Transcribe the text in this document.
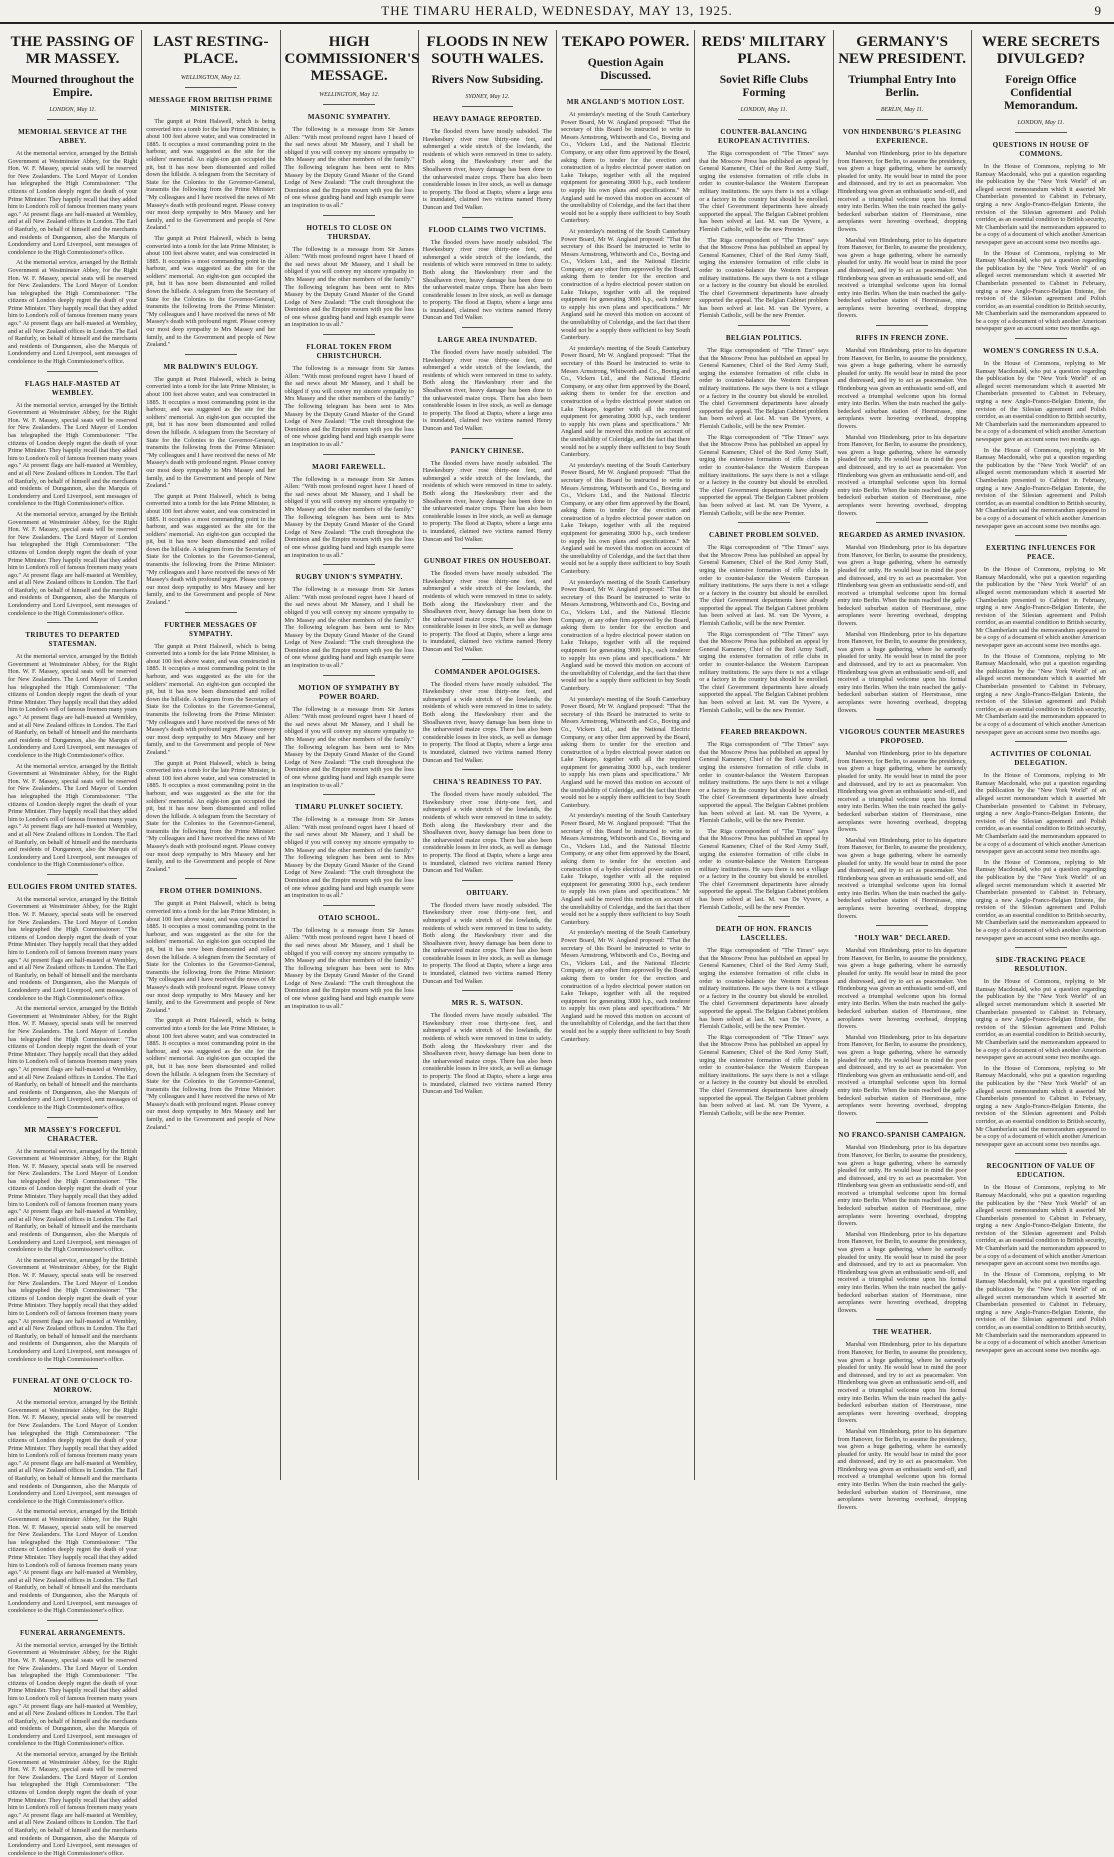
THE TIMARU HERALD, WEDNESDAY, MAY 13, 1925.	9
THE PASSING OF MR MASSEY.
Mourned throughout the Empire.
LONDON, May 11.
MEMORIAL SERVICE AT THE ABBEY.

At the memorial service, arranged by the British Government at Westminster Abbey, for the Right Hon. W. F. Massey, special seats will be reserved for New Zealanders. The Lord Mayor of London has telegraphed the High Commissioner: "The citizens of London deeply regret the death of your Prime Minister. They happily recall that they added him to London's roll of famous freemen many years ago." At present flags are half-masted at Wembley, and at all New Zealand offices in London. The Earl of Ranfurly, on behalf of himself and the merchants and residents of Dungannon, also the Marquis of Londonderry and Lord Liverpool, sent messages of condolence to the High Commissioner's office.

At the memorial service, arranged by the British Government at Westminster Abbey, for the Right Hon. W. F. Massey, special seats will be reserved for New Zealanders. The Lord Mayor of London has telegraphed the High Commissioner: "The citizens of London deeply regret the death of your Prime Minister. They happily recall that they added him to London's roll of famous freemen many years ago." At present flags are half-masted at Wembley, and at all New Zealand offices in London. The Earl of Ranfurly, on behalf of himself and the merchants and residents of Dungannon, also the Marquis of Londonderry and Lord Liverpool, sent messages of condolence to the High Commissioner's office.

FLAGS HALF-MASTED AT WEMBLEY.

At the memorial service, arranged by the British Government at Westminster Abbey, for the Right Hon. W. F. Massey, special seats will be reserved for New Zealanders. The Lord Mayor of London has telegraphed the High Commissioner: "The citizens of London deeply regret the death of your Prime Minister. They happily recall that they added him to London's roll of famous freemen many years ago." At present flags are half-masted at Wembley, and at all New Zealand offices in London. The Earl of Ranfurly, on behalf of himself and the merchants and residents of Dungannon, also the Marquis of Londonderry and Lord Liverpool, sent messages of condolence to the High Commissioner's office.

At the memorial service, arranged by the British Government at Westminster Abbey, for the Right Hon. W. F. Massey, special seats will be reserved for New Zealanders. The Lord Mayor of London has telegraphed the High Commissioner: "The citizens of London deeply regret the death of your Prime Minister. They happily recall that they added him to London's roll of famous freemen many years ago." At present flags are half-masted at Wembley, and at all New Zealand offices in London. The Earl of Ranfurly, on behalf of himself and the merchants and residents of Dungannon, also the Marquis of Londonderry and Lord Liverpool, sent messages of condolence to the High Commissioner's office.

TRIBUTES TO DEPARTED STATESMAN.

At the memorial service, arranged by the British Government at Westminster Abbey, for the Right Hon. W. F. Massey, special seats will be reserved for New Zealanders. The Lord Mayor of London has telegraphed the High Commissioner: "The citizens of London deeply regret the death of your Prime Minister. They happily recall that they added him to London's roll of famous freemen many years ago." At present flags are half-masted at Wembley, and at all New Zealand offices in London. The Earl of Ranfurly, on behalf of himself and the merchants and residents of Dungannon, also the Marquis of Londonderry and Lord Liverpool, sent messages of condolence to the High Commissioner's office.

At the memorial service, arranged by the British Government at Westminster Abbey, for the Right Hon. W. F. Massey, special seats will be reserved for New Zealanders. The Lord Mayor of London has telegraphed the High Commissioner: "The citizens of London deeply regret the death of your Prime Minister. They happily recall that they added him to London's roll of famous freemen many years ago." At present flags are half-masted at Wembley, and at all New Zealand offices in London. The Earl of Ranfurly, on behalf of himself and the merchants and residents of Dungannon, also the Marquis of Londonderry and Lord Liverpool, sent messages of condolence to the High Commissioner's office.

EULOGIES FROM UNITED STATES.

At the memorial service, arranged by the British Government at Westminster Abbey, for the Right Hon. W. F. Massey, special seats will be reserved for New Zealanders. The Lord Mayor of London has telegraphed the High Commissioner: "The citizens of London deeply regret the death of your Prime Minister. They happily recall that they added him to London's roll of famous freemen many years ago." At present flags are half-masted at Wembley, and at all New Zealand offices in London. The Earl of Ranfurly, on behalf of himself and the merchants and residents of Dungannon, also the Marquis of Londonderry and Lord Liverpool, sent messages of condolence to the High Commissioner's office.

At the memorial service, arranged by the British Government at Westminster Abbey, for the Right Hon. W. F. Massey, special seats will be reserved for New Zealanders. The Lord Mayor of London has telegraphed the High Commissioner: "The citizens of London deeply regret the death of your Prime Minister. They happily recall that they added him to London's roll of famous freemen many years ago." At present flags are half-masted at Wembley, and at all New Zealand offices in London. The Earl of Ranfurly, on behalf of himself and the merchants and residents of Dungannon, also the Marquis of Londonderry and Lord Liverpool, sent messages of condolence to the High Commissioner's office.

MR MASSEY'S FORCEFUL CHARACTER.

At the memorial service, arranged by the British Government at Westminster Abbey, for the Right Hon. W. F. Massey, special seats will be reserved for New Zealanders. The Lord Mayor of London has telegraphed the High Commissioner: "The citizens of London deeply regret the death of your Prime Minister. They happily recall that they added him to London's roll of famous freemen many years ago." At present flags are half-masted at Wembley, and at all New Zealand offices in London. The Earl of Ranfurly, on behalf of himself and the merchants and residents of Dungannon, also the Marquis of Londonderry and Lord Liverpool, sent messages of condolence to the High Commissioner's office.

At the memorial service, arranged by the British Government at Westminster Abbey, for the Right Hon. W. F. Massey, special seats will be reserved for New Zealanders. The Lord Mayor of London has telegraphed the High Commissioner: "The citizens of London deeply regret the death of your Prime Minister. They happily recall that they added him to London's roll of famous freemen many years ago." At present flags are half-masted at Wembley, and at all New Zealand offices in London. The Earl of Ranfurly, on behalf of himself and the merchants and residents of Dungannon, also the Marquis of Londonderry and Lord Liverpool, sent messages of condolence to the High Commissioner's office.

FUNERAL AT ONE O'CLOCK TO-MORROW.

At the memorial service, arranged by the British Government at Westminster Abbey, for the Right Hon. W. F. Massey, special seats will be reserved for New Zealanders. The Lord Mayor of London has telegraphed the High Commissioner: "The citizens of London deeply regret the death of your Prime Minister. They happily recall that they added him to London's roll of famous freemen many years ago." At present flags are half-masted at Wembley, and at all New Zealand offices in London. The Earl of Ranfurly, on behalf of himself and the merchants and residents of Dungannon, also the Marquis of Londonderry and Lord Liverpool, sent messages of condolence to the High Commissioner's office.

At the memorial service, arranged by the British Government at Westminster Abbey, for the Right Hon. W. F. Massey, special seats will be reserved for New Zealanders. The Lord Mayor of London has telegraphed the High Commissioner: "The citizens of London deeply regret the death of your Prime Minister. They happily recall that they added him to London's roll of famous freemen many years ago." At present flags are half-masted at Wembley, and at all New Zealand offices in London. The Earl of Ranfurly, on behalf of himself and the merchants and residents of Dungannon, also the Marquis of Londonderry and Lord Liverpool, sent messages of condolence to the High Commissioner's office.

FUNERAL ARRANGEMENTS.

At the memorial service, arranged by the British Government at Westminster Abbey, for the Right Hon. W. F. Massey, special seats will be reserved for New Zealanders. The Lord Mayor of London has telegraphed the High Commissioner: "The citizens of London deeply regret the death of your Prime Minister. They happily recall that they added him to London's roll of famous freemen many years ago." At present flags are half-masted at Wembley, and at all New Zealand offices in London. The Earl of Ranfurly, on behalf of himself and the merchants and residents of Dungannon, also the Marquis of Londonderry and Lord Liverpool, sent messages of condolence to the High Commissioner's office.

At the memorial service, arranged by the British Government at Westminster Abbey, for the Right Hon. W. F. Massey, special seats will be reserved for New Zealanders. The Lord Mayor of London has telegraphed the High Commissioner: "The citizens of London deeply regret the death of your Prime Minister. They happily recall that they added him to London's roll of famous freemen many years ago." At present flags are half-masted at Wembley, and at all New Zealand offices in London. The Earl of Ranfurly, on behalf of himself and the merchants and residents of Dungannon, also the Marquis of Londonderry and Lord Liverpool, sent messages of condolence to the High Commissioner's office.

LAST RESTING-PLACE.
WELLINGTON, May 12.
MESSAGE FROM BRITISH PRIME MINISTER.

The gunpit at Point Halswell, which is being converted into a tomb for the late Prime Minister, is about 100 feet above water, and was constructed in 1885. It occupies a most commanding point in the harbour, and was suggested as the site for the soldiers' memorial. An eight-ton gun occupied the pit, but it has now been dismounted and rolled down the hillside. A telegram from the Secretary of State for the Colonies to the Governor-General, transmits the following from the Prime Minister: "My colleagues and I have received the news of Mr Massey's death with profound regret. Please convey our most deep sympathy to Mrs Massey and her family, and to the Government and people of New Zealand."

The gunpit at Point Halswell, which is being converted into a tomb for the late Prime Minister, is about 100 feet above water, and was constructed in 1885. It occupies a most commanding point in the harbour, and was suggested as the site for the soldiers' memorial. An eight-ton gun occupied the pit, but it has now been dismounted and rolled down the hillside. A telegram from the Secretary of State for the Colonies to the Governor-General, transmits the following from the Prime Minister: "My colleagues and I have received the news of Mr Massey's death with profound regret. Please convey our most deep sympathy to Mrs Massey and her family, and to the Government and people of New Zealand."

MR BALDWIN'S EULOGY.

The gunpit at Point Halswell, which is being converted into a tomb for the late Prime Minister, is about 100 feet above water, and was constructed in 1885. It occupies a most commanding point in the harbour, and was suggested as the site for the soldiers' memorial. An eight-ton gun occupied the pit, but it has now been dismounted and rolled down the hillside. A telegram from the Secretary of State for the Colonies to the Governor-General, transmits the following from the Prime Minister: "My colleagues and I have received the news of Mr Massey's death with profound regret. Please convey our most deep sympathy to Mrs Massey and her family, and to the Government and people of New Zealand."

The gunpit at Point Halswell, which is being converted into a tomb for the late Prime Minister, is about 100 feet above water, and was constructed in 1885. It occupies a most commanding point in the harbour, and was suggested as the site for the soldiers' memorial. An eight-ton gun occupied the pit, but it has now been dismounted and rolled down the hillside. A telegram from the Secretary of State for the Colonies to the Governor-General, transmits the following from the Prime Minister: "My colleagues and I have received the news of Mr Massey's death with profound regret. Please convey our most deep sympathy to Mrs Massey and her family, and to the Government and people of New Zealand."

FURTHER MESSAGES OF SYMPATHY.

The gunpit at Point Halswell, which is being converted into a tomb for the late Prime Minister, is about 100 feet above water, and was constructed in 1885. It occupies a most commanding point in the harbour, and was suggested as the site for the soldiers' memorial. An eight-ton gun occupied the pit, but it has now been dismounted and rolled down the hillside. A telegram from the Secretary of State for the Colonies to the Governor-General, transmits the following from the Prime Minister: "My colleagues and I have received the news of Mr Massey's death with profound regret. Please convey our most deep sympathy to Mrs Massey and her family, and to the Government and people of New Zealand."

The gunpit at Point Halswell, which is being converted into a tomb for the late Prime Minister, is about 100 feet above water, and was constructed in 1885. It occupies a most commanding point in the harbour, and was suggested as the site for the soldiers' memorial. An eight-ton gun occupied the pit, but it has now been dismounted and rolled down the hillside. A telegram from the Secretary of State for the Colonies to the Governor-General, transmits the following from the Prime Minister: "My colleagues and I have received the news of Mr Massey's death with profound regret. Please convey our most deep sympathy to Mrs Massey and her family, and to the Government and people of New Zealand."

FROM OTHER DOMINIONS.

The gunpit at Point Halswell, which is being converted into a tomb for the late Prime Minister, is about 100 feet above water, and was constructed in 1885. It occupies a most commanding point in the harbour, and was suggested as the site for the soldiers' memorial. An eight-ton gun occupied the pit, but it has now been dismounted and rolled down the hillside. A telegram from the Secretary of State for the Colonies to the Governor-General, transmits the following from the Prime Minister: "My colleagues and I have received the news of Mr Massey's death with profound regret. Please convey our most deep sympathy to Mrs Massey and her family, and to the Government and people of New Zealand."

The gunpit at Point Halswell, which is being converted into a tomb for the late Prime Minister, is about 100 feet above water, and was constructed in 1885. It occupies a most commanding point in the harbour, and was suggested as the site for the soldiers' memorial. An eight-ton gun occupied the pit, but it has now been dismounted and rolled down the hillside. A telegram from the Secretary of State for the Colonies to the Governor-General, transmits the following from the Prime Minister: "My colleagues and I have received the news of Mr Massey's death with profound regret. Please convey our most deep sympathy to Mrs Massey and her family, and to the Government and people of New Zealand."

HIGH COMMISSIONER'S MESSAGE.
WELLINGTON, May 12.
MASONIC SYMPATHY.

The following is a message from Sir James Allen: "With most profound regret have I heard of the sad news about Mr Massey, and I shall be obliged if you will convey my sincere sympathy to Mrs Massey and the other members of the family." The following telegram has been sent to Mrs Massey by the Deputy Grand Master of the Grand Lodge of New Zealand: "The craft throughout the Dominion and the Empire mourn with you the loss of one whose guiding hand and high example were an inspiration to us all."

HOTELS TO CLOSE ON THURSDAY.

The following is a message from Sir James Allen: "With most profound regret have I heard of the sad news about Mr Massey, and I shall be obliged if you will convey my sincere sympathy to Mrs Massey and the other members of the family." The following telegram has been sent to Mrs Massey by the Deputy Grand Master of the Grand Lodge of New Zealand: "The craft throughout the Dominion and the Empire mourn with you the loss of one whose guiding hand and high example were an inspiration to us all."

FLORAL TOKEN FROM CHRISTCHURCH.

The following is a message from Sir James Allen: "With most profound regret have I heard of the sad news about Mr Massey, and I shall be obliged if you will convey my sincere sympathy to Mrs Massey and the other members of the family." The following telegram has been sent to Mrs Massey by the Deputy Grand Master of the Grand Lodge of New Zealand: "The craft throughout the Dominion and the Empire mourn with you the loss of one whose guiding hand and high example were an inspiration to us all."

MAORI FAREWELL.

The following is a message from Sir James Allen: "With most profound regret have I heard of the sad news about Mr Massey, and I shall be obliged if you will convey my sincere sympathy to Mrs Massey and the other members of the family." The following telegram has been sent to Mrs Massey by the Deputy Grand Master of the Grand Lodge of New Zealand: "The craft throughout the Dominion and the Empire mourn with you the loss of one whose guiding hand and high example were an inspiration to us all."

RUGBY UNION'S SYMPATHY.

The following is a message from Sir James Allen: "With most profound regret have I heard of the sad news about Mr Massey, and I shall be obliged if you will convey my sincere sympathy to Mrs Massey and the other members of the family." The following telegram has been sent to Mrs Massey by the Deputy Grand Master of the Grand Lodge of New Zealand: "The craft throughout the Dominion and the Empire mourn with you the loss of one whose guiding hand and high example were an inspiration to us all."

MOTION OF SYMPATHY BY POWER BOARD.

The following is a message from Sir James Allen: "With most profound regret have I heard of the sad news about Mr Massey, and I shall be obliged if you will convey my sincere sympathy to Mrs Massey and the other members of the family." The following telegram has been sent to Mrs Massey by the Deputy Grand Master of the Grand Lodge of New Zealand: "The craft throughout the Dominion and the Empire mourn with you the loss of one whose guiding hand and high example were an inspiration to us all."

TIMARU PLUNKET SOCIETY.

The following is a message from Sir James Allen: "With most profound regret have I heard of the sad news about Mr Massey, and I shall be obliged if you will convey my sincere sympathy to Mrs Massey and the other members of the family." The following telegram has been sent to Mrs Massey by the Deputy Grand Master of the Grand Lodge of New Zealand: "The craft throughout the Dominion and the Empire mourn with you the loss of one whose guiding hand and high example were an inspiration to us all."

OTAIO SCHOOL.

The following is a message from Sir James Allen: "With most profound regret have I heard of the sad news about Mr Massey, and I shall be obliged if you will convey my sincere sympathy to Mrs Massey and the other members of the family." The following telegram has been sent to Mrs Massey by the Deputy Grand Master of the Grand Lodge of New Zealand: "The craft throughout the Dominion and the Empire mourn with you the loss of one whose guiding hand and high example were an inspiration to us all."

FLOODS IN NEW SOUTH WALES.
Rivers Now Subsiding.
SYDNEY, May 12.
HEAVY DAMAGE REPORTED.

The flooded rivers have mostly subsided. The Hawkesbury river rose thirty-one feet, and submerged a wide stretch of the lowlands, the residents of which were removed in time to safety. Both along the Hawkesbury river and the Shoalhaven river, heavy damage has been done to the unharvested maize crops. There has also been considerable losses in live stock, as well as damage to property. The flood at Dapto, where a large area is inundated, claimed two victims named Henry Duncan and Ted Walker.

FLOOD CLAIMS TWO VICTIMS.

The flooded rivers have mostly subsided. The Hawkesbury river rose thirty-one feet, and submerged a wide stretch of the lowlands, the residents of which were removed in time to safety. Both along the Hawkesbury river and the Shoalhaven river, heavy damage has been done to the unharvested maize crops. There has also been considerable losses in live stock, as well as damage to property. The flood at Dapto, where a large area is inundated, claimed two victims named Henry Duncan and Ted Walker.

LARGE AREA INUNDATED.

The flooded rivers have mostly subsided. The Hawkesbury river rose thirty-one feet, and submerged a wide stretch of the lowlands, the residents of which were removed in time to safety. Both along the Hawkesbury river and the Shoalhaven river, heavy damage has been done to the unharvested maize crops. There has also been considerable losses in live stock, as well as damage to property. The flood at Dapto, where a large area is inundated, claimed two victims named Henry Duncan and Ted Walker.

PANICKY CHINESE.

The flooded rivers have mostly subsided. The Hawkesbury river rose thirty-one feet, and submerged a wide stretch of the lowlands, the residents of which were removed in time to safety. Both along the Hawkesbury river and the Shoalhaven river, heavy damage has been done to the unharvested maize crops. There has also been considerable losses in live stock, as well as damage to property. The flood at Dapto, where a large area is inundated, claimed two victims named Henry Duncan and Ted Walker.

GUNBOAT FIRES ON HOUSEBOAT.

The flooded rivers have mostly subsided. The Hawkesbury river rose thirty-one feet, and submerged a wide stretch of the lowlands, the residents of which were removed in time to safety. Both along the Hawkesbury river and the Shoalhaven river, heavy damage has been done to the unharvested maize crops. There has also been considerable losses in live stock, as well as damage to property. The flood at Dapto, where a large area is inundated, claimed two victims named Henry Duncan and Ted Walker.

COMMANDER APOLOGISES.

The flooded rivers have mostly subsided. The Hawkesbury river rose thirty-one feet, and submerged a wide stretch of the lowlands, the residents of which were removed in time to safety. Both along the Hawkesbury river and the Shoalhaven river, heavy damage has been done to the unharvested maize crops. There has also been considerable losses in live stock, as well as damage to property. The flood at Dapto, where a large area is inundated, claimed two victims named Henry Duncan and Ted Walker.

CHINA'S READINESS TO PAY.

The flooded rivers have mostly subsided. The Hawkesbury river rose thirty-one feet, and submerged a wide stretch of the lowlands, the residents of which were removed in time to safety. Both along the Hawkesbury river and the Shoalhaven river, heavy damage has been done to the unharvested maize crops. There has also been considerable losses in live stock, as well as damage to property. The flood at Dapto, where a large area is inundated, claimed two victims named Henry Duncan and Ted Walker.

OBITUARY.

The flooded rivers have mostly subsided. The Hawkesbury river rose thirty-one feet, and submerged a wide stretch of the lowlands, the residents of which were removed in time to safety. Both along the Hawkesbury river and the Shoalhaven river, heavy damage has been done to the unharvested maize crops. There has also been considerable losses in live stock, as well as damage to property. The flood at Dapto, where a large area is inundated, claimed two victims named Henry Duncan and Ted Walker.

MRS R. S. WATSON.

The flooded rivers have mostly subsided. The Hawkesbury river rose thirty-one feet, and submerged a wide stretch of the lowlands, the residents of which were removed in time to safety. Both along the Hawkesbury river and the Shoalhaven river, heavy damage has been done to the unharvested maize crops. There has also been considerable losses in live stock, as well as damage to property. The flood at Dapto, where a large area is inundated, claimed two victims named Henry Duncan and Ted Walker.

TEKAPO POWER.
Question Again Discussed.
MR ANGLAND'S MOTION LOST.

At yesterday's meeting of the South Canterbury Power Board, Mr W. Angland proposed: "That the secretary of this Board be instructed to write to Messrs Armstrong, Whitworth and Co., Boving and Co., Vickers Ltd., and the National Electric Company, or any other firm approved by the Board, asking them to tender for the erection and construction of a hydro electrical power station on Lake Tekapo, together with all the required equipment for generating 3000 h.p., each tenderer to supply his own plans and specifications." Mr Angland said he moved this motion on account of the unreliability of Coleridge, and the fact that there would not be a supply there sufficient to buy South Canterbury.

At yesterday's meeting of the South Canterbury Power Board, Mr W. Angland proposed: "That the secretary of this Board be instructed to write to Messrs Armstrong, Whitworth and Co., Boving and Co., Vickers Ltd., and the National Electric Company, or any other firm approved by the Board, asking them to tender for the erection and construction of a hydro electrical power station on Lake Tekapo, together with all the required equipment for generating 3000 h.p., each tenderer to supply his own plans and specifications." Mr Angland said he moved this motion on account of the unreliability of Coleridge, and the fact that there would not be a supply there sufficient to buy South Canterbury.

At yesterday's meeting of the South Canterbury Power Board, Mr W. Angland proposed: "That the secretary of this Board be instructed to write to Messrs Armstrong, Whitworth and Co., Boving and Co., Vickers Ltd., and the National Electric Company, or any other firm approved by the Board, asking them to tender for the erection and construction of a hydro electrical power station on Lake Tekapo, together with all the required equipment for generating 3000 h.p., each tenderer to supply his own plans and specifications." Mr Angland said he moved this motion on account of the unreliability of Coleridge, and the fact that there would not be a supply there sufficient to buy South Canterbury.

At yesterday's meeting of the South Canterbury Power Board, Mr W. Angland proposed: "That the secretary of this Board be instructed to write to Messrs Armstrong, Whitworth and Co., Boving and Co., Vickers Ltd., and the National Electric Company, or any other firm approved by the Board, asking them to tender for the erection and construction of a hydro electrical power station on Lake Tekapo, together with all the required equipment for generating 3000 h.p., each tenderer to supply his own plans and specifications." Mr Angland said he moved this motion on account of the unreliability of Coleridge, and the fact that there would not be a supply there sufficient to buy South Canterbury.

At yesterday's meeting of the South Canterbury Power Board, Mr W. Angland proposed: "That the secretary of this Board be instructed to write to Messrs Armstrong, Whitworth and Co., Boving and Co., Vickers Ltd., and the National Electric Company, or any other firm approved by the Board, asking them to tender for the erection and construction of a hydro electrical power station on Lake Tekapo, together with all the required equipment for generating 3000 h.p., each tenderer to supply his own plans and specifications." Mr Angland said he moved this motion on account of the unreliability of Coleridge, and the fact that there would not be a supply there sufficient to buy South Canterbury.

At yesterday's meeting of the South Canterbury Power Board, Mr W. Angland proposed: "That the secretary of this Board be instructed to write to Messrs Armstrong, Whitworth and Co., Boving and Co., Vickers Ltd., and the National Electric Company, or any other firm approved by the Board, asking them to tender for the erection and construction of a hydro electrical power station on Lake Tekapo, together with all the required equipment for generating 3000 h.p., each tenderer to supply his own plans and specifications." Mr Angland said he moved this motion on account of the unreliability of Coleridge, and the fact that there would not be a supply there sufficient to buy South Canterbury.

At yesterday's meeting of the South Canterbury Power Board, Mr W. Angland proposed: "That the secretary of this Board be instructed to write to Messrs Armstrong, Whitworth and Co., Boving and Co., Vickers Ltd., and the National Electric Company, or any other firm approved by the Board, asking them to tender for the erection and construction of a hydro electrical power station on Lake Tekapo, together with all the required equipment for generating 3000 h.p., each tenderer to supply his own plans and specifications." Mr Angland said he moved this motion on account of the unreliability of Coleridge, and the fact that there would not be a supply there sufficient to buy South Canterbury.

At yesterday's meeting of the South Canterbury Power Board, Mr W. Angland proposed: "That the secretary of this Board be instructed to write to Messrs Armstrong, Whitworth and Co., Boving and Co., Vickers Ltd., and the National Electric Company, or any other firm approved by the Board, asking them to tender for the erection and construction of a hydro electrical power station on Lake Tekapo, together with all the required equipment for generating 3000 h.p., each tenderer to supply his own plans and specifications." Mr Angland said he moved this motion on account of the unreliability of Coleridge, and the fact that there would not be a supply there sufficient to buy South Canterbury.

REDS' MILITARY PLANS.
Soviet Rifle Clubs Forming
LONDON, May 11.
COUNTER-BALANCING EUROPEAN ACTIVITIES.

The Riga correspondent of "The Times" says that the Moscow Press has published an appeal by General Kamenev, Chief of the Red Army Staff, urging the extensive formation of rifle clubs in order to counter-balance the Western European military institutions. He says there is not a village or a factory in the country but should be enrolled. The chief Government departments have already supported the appeal. The Belgian Cabinet problem has been solved at last. M. van De Vyvere, a Flemish Catholic, will be the new Premier.

The Riga correspondent of "The Times" says that the Moscow Press has published an appeal by General Kamenev, Chief of the Red Army Staff, urging the extensive formation of rifle clubs in order to counter-balance the Western European military institutions. He says there is not a village or a factory in the country but should be enrolled. The chief Government departments have already supported the appeal. The Belgian Cabinet problem has been solved at last. M. van De Vyvere, a Flemish Catholic, will be the new Premier.

BELGIAN POLITICS.

The Riga correspondent of "The Times" says that the Moscow Press has published an appeal by General Kamenev, Chief of the Red Army Staff, urging the extensive formation of rifle clubs in order to counter-balance the Western European military institutions. He says there is not a village or a factory in the country but should be enrolled. The chief Government departments have already supported the appeal. The Belgian Cabinet problem has been solved at last. M. van De Vyvere, a Flemish Catholic, will be the new Premier.

The Riga correspondent of "The Times" says that the Moscow Press has published an appeal by General Kamenev, Chief of the Red Army Staff, urging the extensive formation of rifle clubs in order to counter-balance the Western European military institutions. He says there is not a village or a factory in the country but should be enrolled. The chief Government departments have already supported the appeal. The Belgian Cabinet problem has been solved at last. M. van De Vyvere, a Flemish Catholic, will be the new Premier.

CABINET PROBLEM SOLVED.

The Riga correspondent of "The Times" says that the Moscow Press has published an appeal by General Kamenev, Chief of the Red Army Staff, urging the extensive formation of rifle clubs in order to counter-balance the Western European military institutions. He says there is not a village or a factory in the country but should be enrolled. The chief Government departments have already supported the appeal. The Belgian Cabinet problem has been solved at last. M. van De Vyvere, a Flemish Catholic, will be the new Premier.

The Riga correspondent of "The Times" says that the Moscow Press has published an appeal by General Kamenev, Chief of the Red Army Staff, urging the extensive formation of rifle clubs in order to counter-balance the Western European military institutions. He says there is not a village or a factory in the country but should be enrolled. The chief Government departments have already supported the appeal. The Belgian Cabinet problem has been solved at last. M. van De Vyvere, a Flemish Catholic, will be the new Premier.

FEARED BREAKDOWN.

The Riga correspondent of "The Times" says that the Moscow Press has published an appeal by General Kamenev, Chief of the Red Army Staff, urging the extensive formation of rifle clubs in order to counter-balance the Western European military institutions. He says there is not a village or a factory in the country but should be enrolled. The chief Government departments have already supported the appeal. The Belgian Cabinet problem has been solved at last. M. van De Vyvere, a Flemish Catholic, will be the new Premier.

The Riga correspondent of "The Times" says that the Moscow Press has published an appeal by General Kamenev, Chief of the Red Army Staff, urging the extensive formation of rifle clubs in order to counter-balance the Western European military institutions. He says there is not a village or a factory in the country but should be enrolled. The chief Government departments have already supported the appeal. The Belgian Cabinet problem has been solved at last. M. van De Vyvere, a Flemish Catholic, will be the new Premier.

DEATH OF HON. FRANCIS LASCELLES.

The Riga correspondent of "The Times" says that the Moscow Press has published an appeal by General Kamenev, Chief of the Red Army Staff, urging the extensive formation of rifle clubs in order to counter-balance the Western European military institutions. He says there is not a village or a factory in the country but should be enrolled. The chief Government departments have already supported the appeal. The Belgian Cabinet problem has been solved at last. M. van De Vyvere, a Flemish Catholic, will be the new Premier.

The Riga correspondent of "The Times" says that the Moscow Press has published an appeal by General Kamenev, Chief of the Red Army Staff, urging the extensive formation of rifle clubs in order to counter-balance the Western European military institutions. He says there is not a village or a factory in the country but should be enrolled. The chief Government departments have already supported the appeal. The Belgian Cabinet problem has been solved at last. M. van De Vyvere, a Flemish Catholic, will be the new Premier.

GERMANY'S NEW PRESIDENT.
Triumphal Entry Into Berlin.
BERLIN, May 11.
VON HINDENBURG'S PLEASING EXPERIENCE.

Marshal von Hindenburg, prior to his departure from Hanover, for Berlin, to assume the presidency, was given a huge gathering, where he earnestly pleaded for unity. He would bear in mind the poor and distressed, and try to act as peacemaker. Von Hindenburg was given an enthusiastic send-off, and received a triumphal welcome upon his formal entry into Berlin. When the train reached the gaily-bedecked suburban station of Heerstrasse, nine aeroplanes were hovering overhead, dropping flowers.

Marshal von Hindenburg, prior to his departure from Hanover, for Berlin, to assume the presidency, was given a huge gathering, where he earnestly pleaded for unity. He would bear in mind the poor and distressed, and try to act as peacemaker. Von Hindenburg was given an enthusiastic send-off, and received a triumphal welcome upon his formal entry into Berlin. When the train reached the gaily-bedecked suburban station of Heerstrasse, nine aeroplanes were hovering overhead, dropping flowers.

RIFFS IN FRENCH ZONE.

Marshal von Hindenburg, prior to his departure from Hanover, for Berlin, to assume the presidency, was given a huge gathering, where he earnestly pleaded for unity. He would bear in mind the poor and distressed, and try to act as peacemaker. Von Hindenburg was given an enthusiastic send-off, and received a triumphal welcome upon his formal entry into Berlin. When the train reached the gaily-bedecked suburban station of Heerstrasse, nine aeroplanes were hovering overhead, dropping flowers.

Marshal von Hindenburg, prior to his departure from Hanover, for Berlin, to assume the presidency, was given a huge gathering, where he earnestly pleaded for unity. He would bear in mind the poor and distressed, and try to act as peacemaker. Von Hindenburg was given an enthusiastic send-off, and received a triumphal welcome upon his formal entry into Berlin. When the train reached the gaily-bedecked suburban station of Heerstrasse, nine aeroplanes were hovering overhead, dropping flowers.

REGARDED AS ARMED INVASION.

Marshal von Hindenburg, prior to his departure from Hanover, for Berlin, to assume the presidency, was given a huge gathering, where he earnestly pleaded for unity. He would bear in mind the poor and distressed, and try to act as peacemaker. Von Hindenburg was given an enthusiastic send-off, and received a triumphal welcome upon his formal entry into Berlin. When the train reached the gaily-bedecked suburban station of Heerstrasse, nine aeroplanes were hovering overhead, dropping flowers.

Marshal von Hindenburg, prior to his departure from Hanover, for Berlin, to assume the presidency, was given a huge gathering, where he earnestly pleaded for unity. He would bear in mind the poor and distressed, and try to act as peacemaker. Von Hindenburg was given an enthusiastic send-off, and received a triumphal welcome upon his formal entry into Berlin. When the train reached the gaily-bedecked suburban station of Heerstrasse, nine aeroplanes were hovering overhead, dropping flowers.

VIGOROUS COUNTER MEASURES PROPOSED.

Marshal von Hindenburg, prior to his departure from Hanover, for Berlin, to assume the presidency, was given a huge gathering, where he earnestly pleaded for unity. He would bear in mind the poor and distressed, and try to act as peacemaker. Von Hindenburg was given an enthusiastic send-off, and received a triumphal welcome upon his formal entry into Berlin. When the train reached the gaily-bedecked suburban station of Heerstrasse, nine aeroplanes were hovering overhead, dropping flowers.

Marshal von Hindenburg, prior to his departure from Hanover, for Berlin, to assume the presidency, was given a huge gathering, where he earnestly pleaded for unity. He would bear in mind the poor and distressed, and try to act as peacemaker. Von Hindenburg was given an enthusiastic send-off, and received a triumphal welcome upon his formal entry into Berlin. When the train reached the gaily-bedecked suburban station of Heerstrasse, nine aeroplanes were hovering overhead, dropping flowers.

"HOLY WAR" DECLARED.

Marshal von Hindenburg, prior to his departure from Hanover, for Berlin, to assume the presidency, was given a huge gathering, where he earnestly pleaded for unity. He would bear in mind the poor and distressed, and try to act as peacemaker. Von Hindenburg was given an enthusiastic send-off, and received a triumphal welcome upon his formal entry into Berlin. When the train reached the gaily-bedecked suburban station of Heerstrasse, nine aeroplanes were hovering overhead, dropping flowers.

Marshal von Hindenburg, prior to his departure from Hanover, for Berlin, to assume the presidency, was given a huge gathering, where he earnestly pleaded for unity. He would bear in mind the poor and distressed, and try to act as peacemaker. Von Hindenburg was given an enthusiastic send-off, and received a triumphal welcome upon his formal entry into Berlin. When the train reached the gaily-bedecked suburban station of Heerstrasse, nine aeroplanes were hovering overhead, dropping flowers.

NO FRANCO-SPANISH CAMPAIGN.

Marshal von Hindenburg, prior to his departure from Hanover, for Berlin, to assume the presidency, was given a huge gathering, where he earnestly pleaded for unity. He would bear in mind the poor and distressed, and try to act as peacemaker. Von Hindenburg was given an enthusiastic send-off, and received a triumphal welcome upon his formal entry into Berlin. When the train reached the gaily-bedecked suburban station of Heerstrasse, nine aeroplanes were hovering overhead, dropping flowers.

Marshal von Hindenburg, prior to his departure from Hanover, for Berlin, to assume the presidency, was given a huge gathering, where he earnestly pleaded for unity. He would bear in mind the poor and distressed, and try to act as peacemaker. Von Hindenburg was given an enthusiastic send-off, and received a triumphal welcome upon his formal entry into Berlin. When the train reached the gaily-bedecked suburban station of Heerstrasse, nine aeroplanes were hovering overhead, dropping flowers.

THE WEATHER.

Marshal von Hindenburg, prior to his departure from Hanover, for Berlin, to assume the presidency, was given a huge gathering, where he earnestly pleaded for unity. He would bear in mind the poor and distressed, and try to act as peacemaker. Von Hindenburg was given an enthusiastic send-off, and received a triumphal welcome upon his formal entry into Berlin. When the train reached the gaily-bedecked suburban station of Heerstrasse, nine aeroplanes were hovering overhead, dropping flowers.

Marshal von Hindenburg, prior to his departure from Hanover, for Berlin, to assume the presidency, was given a huge gathering, where he earnestly pleaded for unity. He would bear in mind the poor and distressed, and try to act as peacemaker. Von Hindenburg was given an enthusiastic send-off, and received a triumphal welcome upon his formal entry into Berlin. When the train reached the gaily-bedecked suburban station of Heerstrasse, nine aeroplanes were hovering overhead, dropping flowers.

WERE SECRETS DIVULGED?
Foreign Office Confidential Memorandum.
LONDON, May 11.
QUESTIONS IN HOUSE OF COMMONS.

In the House of Commons, replying to Mr Ramsay Macdonald, who put a question regarding the publication by the "New York World" of an alleged secret memorandum which it asserted Mr Chamberlain presented to Cabinet in February, urging a new Anglo-Franco-Belgian Entente, the revision of the Silesian agreement and Polish corridor, as an essential condition to British security, Mr Chamberlain said the memorandum appeared to be a copy of a document of which another American newspaper gave an account some two months ago.

In the House of Commons, replying to Mr Ramsay Macdonald, who put a question regarding the publication by the "New York World" of an alleged secret memorandum which it asserted Mr Chamberlain presented to Cabinet in February, urging a new Anglo-Franco-Belgian Entente, the revision of the Silesian agreement and Polish corridor, as an essential condition to British security, Mr Chamberlain said the memorandum appeared to be a copy of a document of which another American newspaper gave an account some two months ago.

WOMEN'S CONGRESS IN U.S.A.

In the House of Commons, replying to Mr Ramsay Macdonald, who put a question regarding the publication by the "New York World" of an alleged secret memorandum which it asserted Mr Chamberlain presented to Cabinet in February, urging a new Anglo-Franco-Belgian Entente, the revision of the Silesian agreement and Polish corridor, as an essential condition to British security, Mr Chamberlain said the memorandum appeared to be a copy of a document of which another American newspaper gave an account some two months ago.

In the House of Commons, replying to Mr Ramsay Macdonald, who put a question regarding the publication by the "New York World" of an alleged secret memorandum which it asserted Mr Chamberlain presented to Cabinet in February, urging a new Anglo-Franco-Belgian Entente, the revision of the Silesian agreement and Polish corridor, as an essential condition to British security, Mr Chamberlain said the memorandum appeared to be a copy of a document of which another American newspaper gave an account some two months ago.

EXERTING INFLUENCES FOR PEACE.

In the House of Commons, replying to Mr Ramsay Macdonald, who put a question regarding the publication by the "New York World" of an alleged secret memorandum which it asserted Mr Chamberlain presented to Cabinet in February, urging a new Anglo-Franco-Belgian Entente, the revision of the Silesian agreement and Polish corridor, as an essential condition to British security, Mr Chamberlain said the memorandum appeared to be a copy of a document of which another American newspaper gave an account some two months ago.

In the House of Commons, replying to Mr Ramsay Macdonald, who put a question regarding the publication by the "New York World" of an alleged secret memorandum which it asserted Mr Chamberlain presented to Cabinet in February, urging a new Anglo-Franco-Belgian Entente, the revision of the Silesian agreement and Polish corridor, as an essential condition to British security, Mr Chamberlain said the memorandum appeared to be a copy of a document of which another American newspaper gave an account some two months ago.

ACTIVITIES OF COLONIAL DELEGATION.

In the House of Commons, replying to Mr Ramsay Macdonald, who put a question regarding the publication by the "New York World" of an alleged secret memorandum which it asserted Mr Chamberlain presented to Cabinet in February, urging a new Anglo-Franco-Belgian Entente, the revision of the Silesian agreement and Polish corridor, as an essential condition to British security, Mr Chamberlain said the memorandum appeared to be a copy of a document of which another American newspaper gave an account some two months ago.

In the House of Commons, replying to Mr Ramsay Macdonald, who put a question regarding the publication by the "New York World" of an alleged secret memorandum which it asserted Mr Chamberlain presented to Cabinet in February, urging a new Anglo-Franco-Belgian Entente, the revision of the Silesian agreement and Polish corridor, as an essential condition to British security, Mr Chamberlain said the memorandum appeared to be a copy of a document of which another American newspaper gave an account some two months ago.

SIDE-TRACKING PEACE RESOLUTION.

In the House of Commons, replying to Mr Ramsay Macdonald, who put a question regarding the publication by the "New York World" of an alleged secret memorandum which it asserted Mr Chamberlain presented to Cabinet in February, urging a new Anglo-Franco-Belgian Entente, the revision of the Silesian agreement and Polish corridor, as an essential condition to British security, Mr Chamberlain said the memorandum appeared to be a copy of a document of which another American newspaper gave an account some two months ago.

In the House of Commons, replying to Mr Ramsay Macdonald, who put a question regarding the publication by the "New York World" of an alleged secret memorandum which it asserted Mr Chamberlain presented to Cabinet in February, urging a new Anglo-Franco-Belgian Entente, the revision of the Silesian agreement and Polish corridor, as an essential condition to British security, Mr Chamberlain said the memorandum appeared to be a copy of a document of which another American newspaper gave an account some two months ago.

RECOGNITION OF VALUE OF EDUCATION.

In the House of Commons, replying to Mr Ramsay Macdonald, who put a question regarding the publication by the "New York World" of an alleged secret memorandum which it asserted Mr Chamberlain presented to Cabinet in February, urging a new Anglo-Franco-Belgian Entente, the revision of the Silesian agreement and Polish corridor, as an essential condition to British security, Mr Chamberlain said the memorandum appeared to be a copy of a document of which another American newspaper gave an account some two months ago.

In the House of Commons, replying to Mr Ramsay Macdonald, who put a question regarding the publication by the "New York World" of an alleged secret memorandum which it asserted Mr Chamberlain presented to Cabinet in February, urging a new Anglo-Franco-Belgian Entente, the revision of the Silesian agreement and Polish corridor, as an essential condition to British security, Mr Chamberlain said the memorandum appeared to be a copy of a document of which another American newspaper gave an account some two months ago.
